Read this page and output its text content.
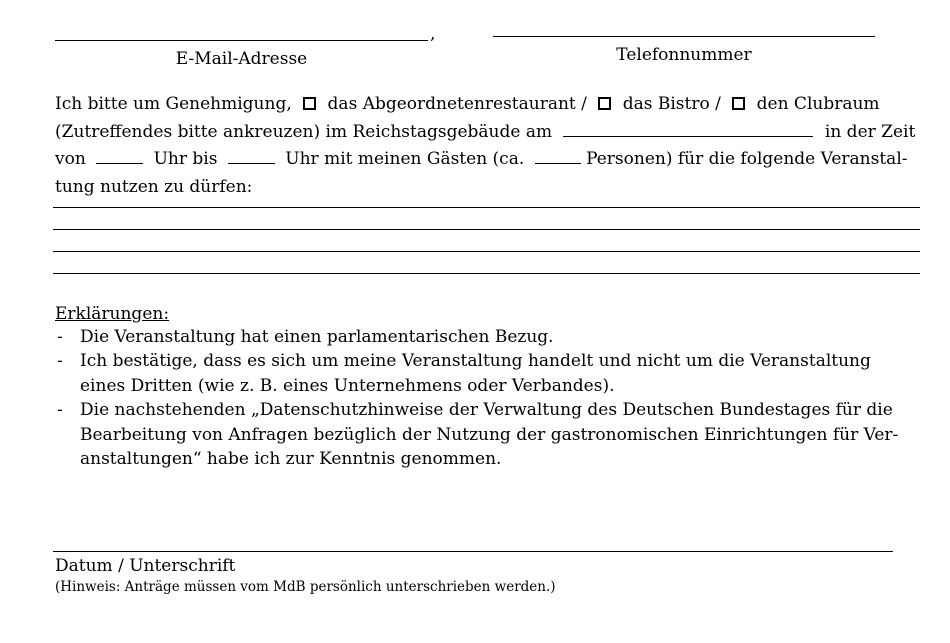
,
E-Mail-Adresse	Telefonnummer
Ich bitte um Genehmigung, das Abgeordnetenrestaurant / das Bistro / den Clubraum
(Zutreffendes bitte ankreuzen) im Reichstagsgebäude am	in der Zeit
von	Uhr bis	Uhr mit meinen Gästen (ca.	Personen) für die folgende Veranstal-
tung nutzen zu dürfen:
Erklärungen:
-	Die Veranstaltung hat einen parlamentarischen Bezug.
-	Ich bestätige, dass es sich um meine Veranstaltung handelt und nicht um die Veranstaltung
eines Dritten (wie z. B. eines Unternehmens oder Verbandes).
-	Die nachstehenden „Datenschutzhinweise der Verwaltung des Deutschen Bundestages für die
Bearbeitung von Anfragen bezüglich der Nutzung der gastronomischen Einrichtungen für Ver-
anstaltungen“ habe ich zur Kenntnis genommen.
Datum / Unterschrift
(Hinweis: Anträge müssen vom MdB persönlich unterschrieben werden.)
